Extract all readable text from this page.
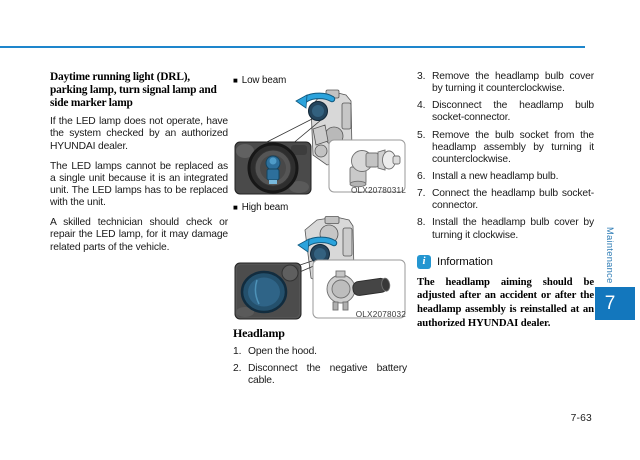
Daytime running light (DRL), parking lamp, turn signal lamp and side marker lamp

If the LED lamp does not operate, have the system checked by an authorized HYUNDAI dealer.

The LED lamps cannot be replaced as a single unit because it is an integrated unit. The LED lamps has to be replaced with the unit.

A skilled technician should check or repair the LED lamp, for it may damage related parts of the vehicle.

■ Low beam
OLX2078031L
■ High beam
OLX2078032
Headlamp
1. Open the hood.
2. Disconnect the negative battery cable.
3. Remove the headlamp bulb cover by turning it counterclockwise.
4. Disconnect the headlamp bulb socket-connector.
5. Remove the bulb socket from the headlamp assembly by turning it counterclockwise.
6. Install a new headlamp bulb.
7. Connect the headlamp bulb socket-connector.
8. Install the headlamp bulb cover by turning it clockwise.
i	Information
The headlamp aiming should be adjusted after an accident or after the headlamp assembly is reinstalled at an authorized HYUNDAI dealer.
Maintenance
7
7-63
